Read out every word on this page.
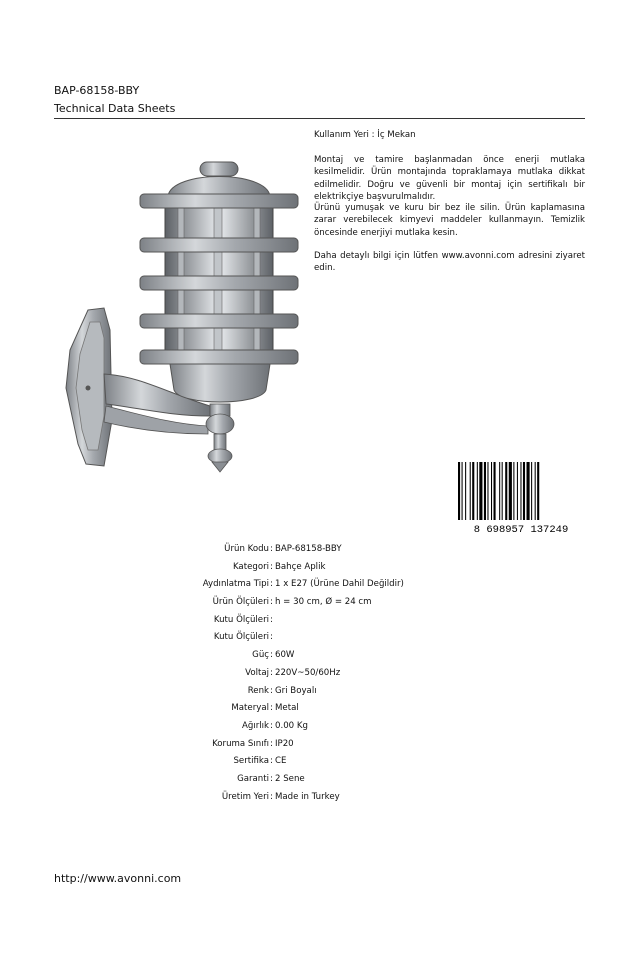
BAP-68158-BBY
Technical Data Sheets
Kullanım Yeri : İç Mekan
Montaj ve tamire başlanmadan önce enerji mutlaka kesilmelidir. Ürün montajında topraklamaya mutlaka dikkat edilmelidir. Doğru ve güvenli bir montaj için sertifikalı bir elektrikçiye başvurulmalıdır.
Ürünü yumuşak ve kuru bir bez ile silin. Ürün kaplamasına zarar verebilecek kimyevi maddeler kullanmayın. Temizlik öncesinde enerjiyi mutlaka kesin.
Daha detaylı bilgi için lütfen www.avonni.com adresini ziyaret edin.
8 698957 137249
Ürün Kodu : BAP-68158-BBY
Kategori : Bahçe Aplik
Aydınlatma Tipi : 1 x E27 (Ürüne Dahil Değildir)
Ürün Ölçüleri : h = 30 cm, Ø = 24 cm
Kutu Ölçüleri :
Kutu Ölçüleri :
Güç : 60W
Voltaj : 220V~50/60Hz
Renk : Gri Boyalı
Materyal : Metal
Ağırlık : 0.00 Kg
Koruma Sınıfı : IP20
Sertifika : CE
Garanti : 2 Sene
Üretim Yeri : Made in Turkey
http://www.avonni.com
